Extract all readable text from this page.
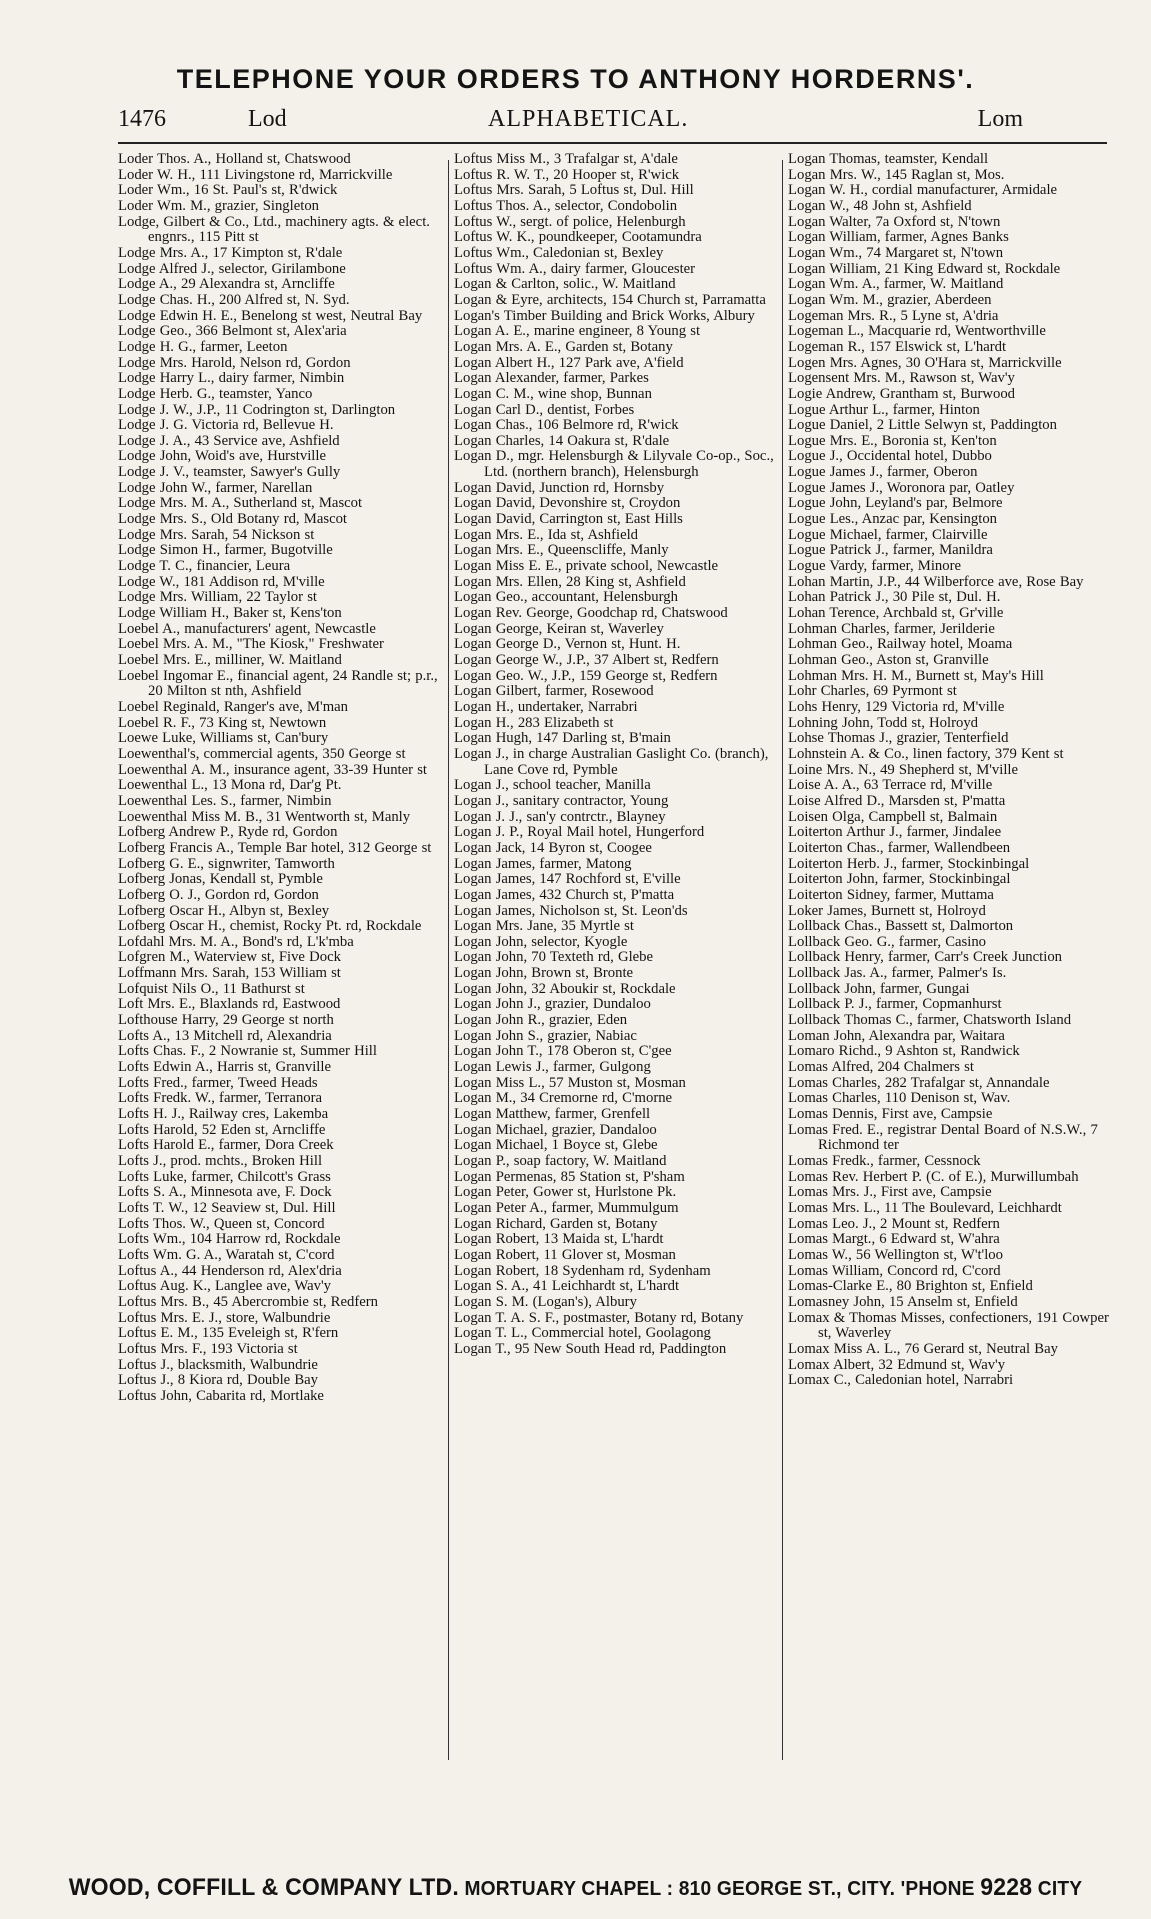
TELEPHONE YOUR ORDERS TO ANTHONY HORDERNS'.
1476	Lod	ALPHABETICAL.	Lom
Loder Thos. A., Holland st, Chatswood
Loder W. H., 111 Livingstone rd, Marrickville
Loder Wm., 16 St. Paul's st, R'dwick
Loder Wm. M., grazier, Singleton
Lodge, Gilbert & Co., Ltd., machinery agts. & elect. engnrs., 115 Pitt st
Lodge Mrs. A., 17 Kimpton st, R'dale
Lodge Alfred J., selector, Girilambone
Lodge A., 29 Alexandra st, Arncliffe
Lodge Chas. H., 200 Alfred st, N. Syd.
Lodge Edwin H. E., Benelong st west, Neutral Bay
Lodge Geo., 366 Belmont st, Alex'aria
Lodge H. G., farmer, Leeton
Lodge Mrs. Harold, Nelson rd, Gordon
Lodge Harry L., dairy farmer, Nimbin
Lodge Herb. G., teamster, Yanco
Lodge J. W., J.P., 11 Codrington st, Darlington
Lodge J. G. Victoria rd, Bellevue H.
Lodge J. A., 43 Service ave, Ashfield
Lodge John, Woid's ave, Hurstville
Lodge J. V., teamster, Sawyer's Gully
Lodge John W., farmer, Narellan
Lodge Mrs. M. A., Sutherland st, Mascot
Lodge Mrs. S., Old Botany rd, Mascot
Lodge Mrs. Sarah, 54 Nickson st
Lodge Simon H., farmer, Bugotville
Lodge T. C., financier, Leura
Lodge W., 181 Addison rd, M'ville
Lodge Mrs. William, 22 Taylor st
Lodge William H., Baker st, Kens'ton
Loebel A., manufacturers' agent, Newcastle
Loebel Mrs. A. M., "The Kiosk," Freshwater
Loebel Mrs. E., milliner, W. Maitland
Loebel Ingomar E., financial agent, 24 Randle st; p.r., 20 Milton st nth, Ashfield
Loebel Reginald, Ranger's ave, M'man
Loebel R. F., 73 King st, Newtown
Loewe Luke, Williams st, Can'bury
Loewenthal's, commercial agents, 350 George st
Loewenthal A. M., insurance agent, 33-39 Hunter st
Loewenthal L., 13 Mona rd, Dar'g Pt.
Loewenthal Les. S., farmer, Nimbin
Loewenthal Miss M. B., 31 Wentworth st, Manly
Lofberg Andrew P., Ryde rd, Gordon
Lofberg Francis A., Temple Bar hotel, 312 George st
Lofberg G. E., signwriter, Tamworth
Lofberg Jonas, Kendall st, Pymble
Lofberg O. J., Gordon rd, Gordon
Lofberg Oscar H., Albyn st, Bexley
Lofberg Oscar H., chemist, Rocky Pt. rd, Rockdale
Lofdahl Mrs. M. A., Bond's rd, L'k'mba
Lofgren M., Waterview st, Five Dock
Loffmann Mrs. Sarah, 153 William st
Lofquist Nils O., 11 Bathurst st
Loft Mrs. E., Blaxlands rd, Eastwood
Lofthouse Harry, 29 George st north
Lofts A., 13 Mitchell rd, Alexandria
Lofts Chas. F., 2 Nowranie st, Summer Hill
Lofts Edwin A., Harris st, Granville
Lofts Fred., farmer, Tweed Heads
Lofts Fredk. W., farmer, Terranora
Lofts H. J., Railway cres, Lakemba
Lofts Harold, 52 Eden st, Arncliffe
Lofts Harold E., farmer, Dora Creek
Lofts J., prod. mchts., Broken Hill
Lofts Luke, farmer, Chilcott's Grass
Lofts S. A., Minnesota ave, F. Dock
Lofts T. W., 12 Seaview st, Dul. Hill
Lofts Thos. W., Queen st, Concord
Lofts Wm., 104 Harrow rd, Rockdale
Lofts Wm. G. A., Waratah st, C'cord
Loftus A., 44 Henderson rd, Alex'dria
Loftus Aug. K., Langlee ave, Wav'y
Loftus Mrs. B., 45 Abercrombie st, Redfern
Loftus Mrs. E. J., store, Walbundrie
Loftus E. M., 135 Eveleigh st, R'fern
Loftus Mrs. F., 193 Victoria st
Loftus J., blacksmith, Walbundrie
Loftus J., 8 Kiora rd, Double Bay
Loftus John, Cabarita rd, Mortlake
Loftus Miss M., 3 Trafalgar st, A'dale
Loftus R. W. T., 20 Hooper st, R'wick
Loftus Mrs. Sarah, 5 Loftus st, Dul. Hill
Loftus Thos. A., selector, Condobolin
Loftus W., sergt. of police, Helenburgh
Loftus W. K., poundkeeper, Cootamundra
Loftus Wm., Caledonian st, Bexley
Loftus Wm. A., dairy farmer, Gloucester
Logan & Carlton, solic., W. Maitland
Logan & Eyre, architects, 154 Church st, Parramatta
Logan's Timber Building and Brick Works, Albury
Logan A. E., marine engineer, 8 Young st
Logan Mrs. A. E., Garden st, Botany
Logan Albert H., 127 Park ave, A'field
Logan Alexander, farmer, Parkes
Logan C. M., wine shop, Bunnan
Logan Carl D., dentist, Forbes
Logan Chas., 106 Belmore rd, R'wick
Logan Charles, 14 Oakura st, R'dale
Logan D., mgr. Helensburgh & Lilyvale Co-op., Soc., Ltd. (northern branch), Helensburgh
Logan David, Junction rd, Hornsby
Logan David, Devonshire st, Croydon
Logan David, Carrington st, East Hills
Logan Mrs. E., Ida st, Ashfield
Logan Mrs. E., Queenscliffe, Manly
Logan Miss E. E., private school, Newcastle
Logan Mrs. Ellen, 28 King st, Ashfield
Logan Geo., accountant, Helensburgh
Logan Rev. George, Goodchap rd, Chatswood
Logan George, Keiran st, Waverley
Logan George D., Vernon st, Hunt. H.
Logan George W., J.P., 37 Albert st, Redfern
Logan Geo. W., J.P., 159 George st, Redfern
Logan Gilbert, farmer, Rosewood
Logan H., undertaker, Narrabri
Logan H., 283 Elizabeth st
Logan Hugh, 147 Darling st, B'main
Logan J., in charge Australian Gaslight Co. (branch), Lane Cove rd, Pymble
Logan J., school teacher, Manilla
Logan J., sanitary contractor, Young
Logan J. J., san'y contrctr., Blayney
Logan J. P., Royal Mail hotel, Hungerford
Logan Jack, 14 Byron st, Coogee
Logan James, farmer, Matong
Logan James, 147 Rochford st, E'ville
Logan James, 432 Church st, P'matta
Logan James, Nicholson st, St. Leon'ds
Logan Mrs. Jane, 35 Myrtle st
Logan John, selector, Kyogle
Logan John, 70 Texteth rd, Glebe
Logan John, Brown st, Bronte
Logan John, 32 Aboukir st, Rockdale
Logan John J., grazier, Dundaloo
Logan John R., grazier, Eden
Logan John S., grazier, Nabiac
Logan John T., 178 Oberon st, C'gee
Logan Lewis J., farmer, Gulgong
Logan Miss L., 57 Muston st, Mosman
Logan M., 34 Cremorne rd, C'morne
Logan Matthew, farmer, Grenfell
Logan Michael, grazier, Dandaloo
Logan Michael, 1 Boyce st, Glebe
Logan P., soap factory, W. Maitland
Logan Permenas, 85 Station st, P'sham
Logan Peter, Gower st, Hurlstone Pk.
Logan Peter A., farmer, Mummulgum
Logan Richard, Garden st, Botany
Logan Robert, 13 Maida st, L'hardt
Logan Robert, 11 Glover st, Mosman
Logan Robert, 18 Sydenham rd, Sydenham
Logan S. A., 41 Leichhardt st, L'hardt
Logan S. M. (Logan's), Albury
Logan T. A. S. F., postmaster, Botany rd, Botany
Logan T. L., Commercial hotel, Goolagong
Logan T., 95 New South Head rd, Paddington
Logan Thomas, teamster, Kendall
Logan Mrs. W., 145 Raglan st, Mos.
Logan W. H., cordial manufacturer, Armidale
Logan W., 48 John st, Ashfield
Logan Walter, 7a Oxford st, N'town
Logan William, farmer, Agnes Banks
Logan Wm., 74 Margaret st, N'town
Logan William, 21 King Edward st, Rockdale
Logan Wm. A., farmer, W. Maitland
Logan Wm. M., grazier, Aberdeen
Logeman Mrs. R., 5 Lyne st, A'dria
Logeman L., Macquarie rd, Wentworthville
Logeman R., 157 Elswick st, L'hardt
Logen Mrs. Agnes, 30 O'Hara st, Marrickville
Logensent Mrs. M., Rawson st, Wav'y
Logie Andrew, Grantham st, Burwood
Logue Arthur L., farmer, Hinton
Logue Daniel, 2 Little Selwyn st, Paddington
Logue Mrs. E., Boronia st, Ken'ton
Logue J., Occidental hotel, Dubbo
Logue James J., farmer, Oberon
Logue James J., Woronora par, Oatley
Logue John, Leyland's par, Belmore
Logue Les., Anzac par, Kensington
Logue Michael, farmer, Clairville
Logue Patrick J., farmer, Manildra
Logue Vardy, farmer, Minore
Lohan Martin, J.P., 44 Wilberforce ave, Rose Bay
Lohan Patrick J., 30 Pile st, Dul. H.
Lohan Terence, Archbald st, Gr'ville
Lohman Charles, farmer, Jerilderie
Lohman Geo., Railway hotel, Moama
Lohman Geo., Aston st, Granville
Lohman Mrs. H. M., Burnett st, May's Hill
Lohr Charles, 69 Pyrmont st
Lohs Henry, 129 Victoria rd, M'ville
Lohning John, Todd st, Holroyd
Lohse Thomas J., grazier, Tenterfield
Lohnstein A. & Co., linen factory, 379 Kent st
Loine Mrs. N., 49 Shepherd st, M'ville
Loise A. A., 63 Terrace rd, M'ville
Loise Alfred D., Marsden st, P'matta
Loisen Olga, Campbell st, Balmain
Loiterton Arthur J., farmer, Jindalee
Loiterton Chas., farmer, Wallendbeen
Loiterton Herb. J., farmer, Stockinbingal
Loiterton John, farmer, Stockinbingal
Loiterton Sidney, farmer, Muttama
Loker James, Burnett st, Holroyd
Lollback Chas., Bassett st, Dalmorton
Lollback Geo. G., farmer, Casino
Lollback Henry, farmer, Carr's Creek Junction
Lollback Jas. A., farmer, Palmer's Is.
Lollback John, farmer, Gungai
Lollback P. J., farmer, Copmanhurst
Lollback Thomas C., farmer, Chatsworth Island
Loman John, Alexandra par, Waitara
Lomaro Richd., 9 Ashton st, Randwick
Lomas Alfred, 204 Chalmers st
Lomas Charles, 282 Trafalgar st, Annandale
Lomas Charles, 110 Denison st, Wav.
Lomas Dennis, First ave, Campsie
Lomas Fred. E., registrar Dental Board of N.S.W., 7 Richmond ter
Lomas Fredk., farmer, Cessnock
Lomas Rev. Herbert P. (C. of E.), Murwillumbah
Lomas Mrs. J., First ave, Campsie
Lomas Mrs. L., 11 The Boulevard, Leichhardt
Lomas Leo. J., 2 Mount st, Redfern
Lomas Margt., 6 Edward st, W'ahra
Lomas W., 56 Wellington st, W't'loo
Lomas William, Concord rd, C'cord
Lomas-Clarke E., 80 Brighton st, Enfield
Lomasney John, 15 Anselm st, Enfield
Lomax & Thomas Misses, confectioners, 191 Cowper st, Waverley
Lomax Miss A. L., 76 Gerard st, Neutral Bay
Lomax Albert, 32 Edmund st, Wav'y
Lomax C., Caledonian hotel, Narrabri
WOOD, COFFILL & COMPANY LTD. MORTUARY CHAPEL : 810 GEORGE ST., CITY. 'PHONE 9228 CITY
